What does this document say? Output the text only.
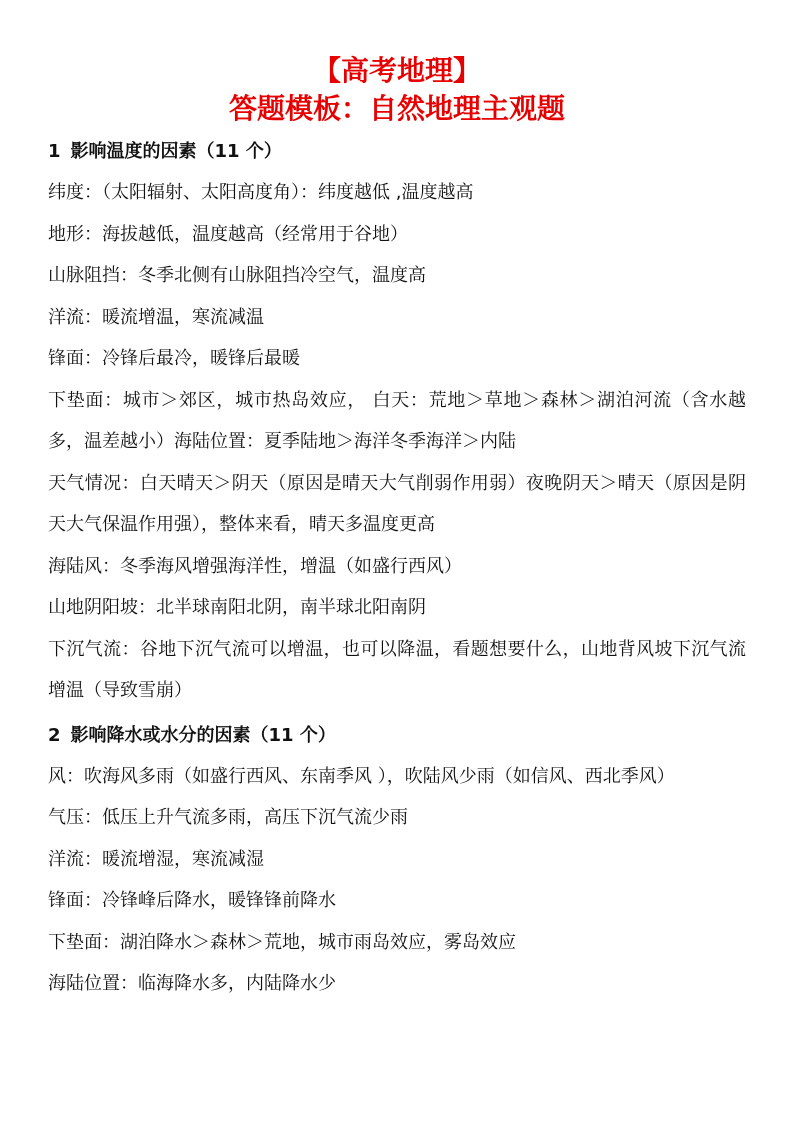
【高考地理】
答题模板：自然地理主观题

1 影响温度的因素（11 个）

纬度：（太阳辐射、太阳高度角）：纬度越低 ,温度越高

地形：海拔越低，温度越高（经常用于谷地）

山脉阻挡：冬季北侧有山脉阻挡冷空气，温度高

洋流：暖流增温，寒流减温

锋面：冷锋后最冷，暖锋后最暖

下垫面：城市＞郊区，城市热岛效应， 白天：荒地＞草地＞森林＞湖泊河流（含水越多，温差越小）海陆位置：夏季陆地＞海洋冬季海洋＞内陆

天气情况：白天晴天＞阴天（原因是晴天大气削弱作用弱）夜晚阴天＞晴天（原因是阴天大气保温作用强），整体来看，晴天多温度更高

海陆风：冬季海风增强海洋性，增温（如盛行西风）

山地阴阳坡：北半球南阳北阴，南半球北阳南阴

下沉气流：谷地下沉气流可以增温，也可以降温，看题想要什么，山地背风坡下沉气流增温（导致雪崩）

2 影响降水或水分的因素（11 个）

风：吹海风多雨（如盛行西风、东南季风 ），吹陆风少雨（如信风、西北季风）

气压：低压上升气流多雨，高压下沉气流少雨

洋流：暖流增湿，寒流减湿

锋面：冷锋峰后降水，暖锋锋前降水

下垫面：湖泊降水＞森林＞荒地，城市雨岛效应，雾岛效应

海陆位置：临海降水多，内陆降水少
